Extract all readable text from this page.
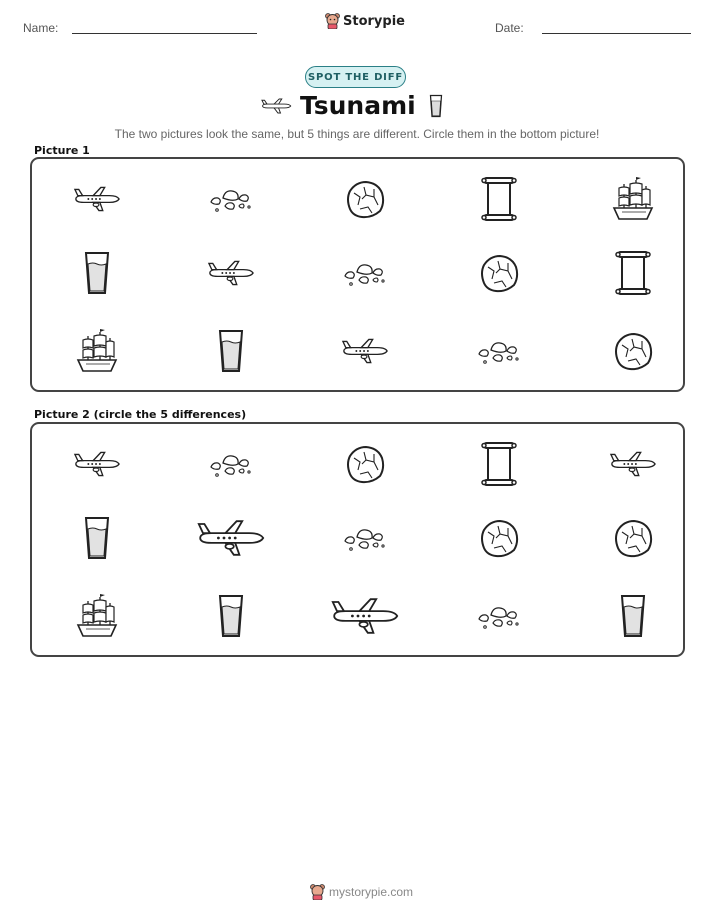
Name:	Date:
Storypie
SPOT THE DIFF
Tsunami
The two pictures look the same, but 5 things are different. Circle them in the bottom picture!
Picture 1
Picture 2 (circle the 5 differences)
mystorypie.com
